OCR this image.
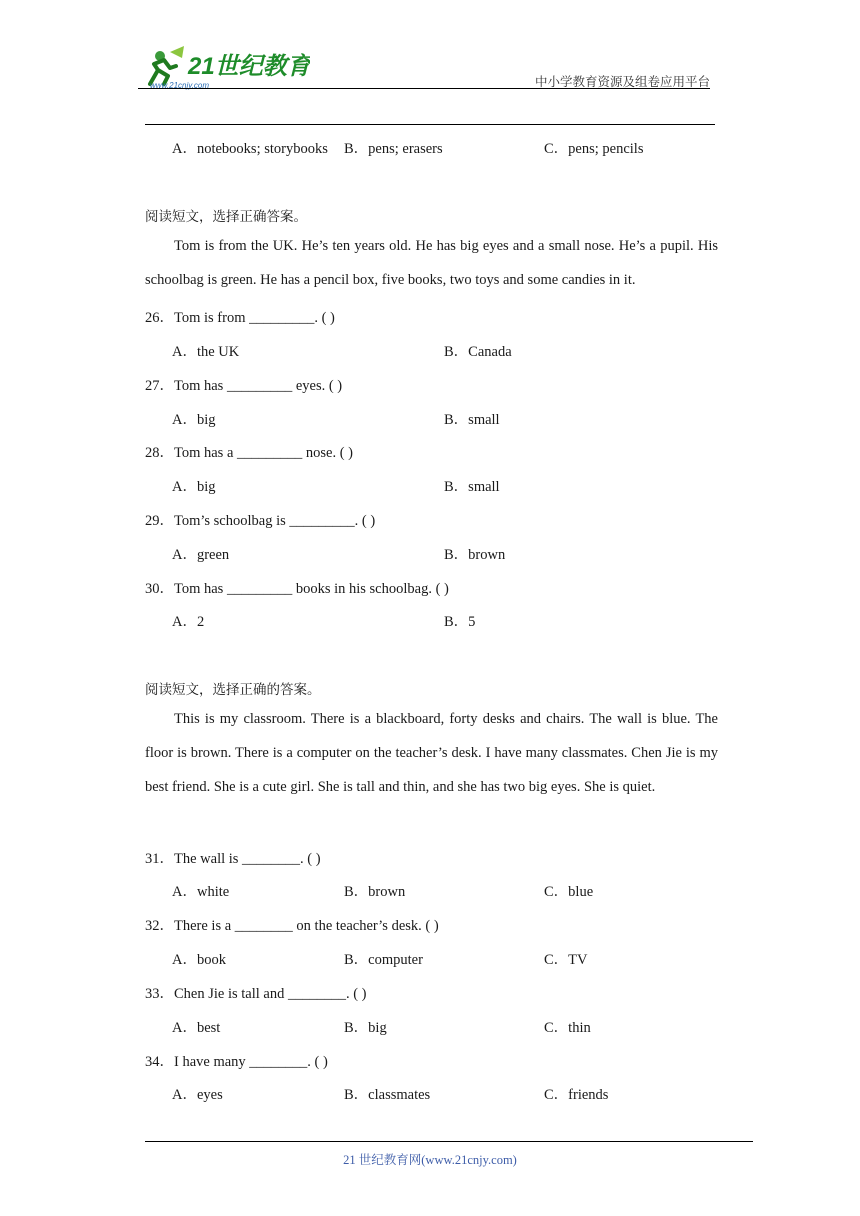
21世纪教育
www.21cnjy.com	中小学教育资源及组卷应用平台
A．notebooks; storybooks B．pens; erasers	C．pens; pencils
阅读短文，选择正确答案。

Tom is from the UK. He’s ten years old. He has big eyes and a small nose. He’s a pupil. His schoolbag is green. He has a pencil box, five books, two toys and some candies in it.

26．Tom is from _________. ( )
A．the UK	B．Canada
27．Tom has _________ eyes. ( )
A．big	B．small
28．Tom has a _________ nose. ( )
A．big	B．small
29．Tom’s schoolbag is _________. ( )
A．green	B．brown
30．Tom has _________ books in his schoolbag. ( )
A．2	B．5
阅读短文，选择正确的答案。

This is my classroom. There is a blackboard, forty desks and chairs. The wall is blue. The floor is brown. There is a computer on the teacher’s desk. I have many classmates. Chen Jie is my best friend. She is a cute girl. She is tall and thin, and she has two big eyes. She is quiet.

31．The wall is ________. ( )
A．white	B．brown	C．blue
32．There is a ________ on the teacher’s desk. ( )
A．book	B．computer	C．TV
33．Chen Jie is tall and ________. ( )
A．best	B．big	C．thin
34．I have many ________. ( )
A．eyes	B．classmates	C．friends
21 世纪教育网(www.21cnjy.com)
